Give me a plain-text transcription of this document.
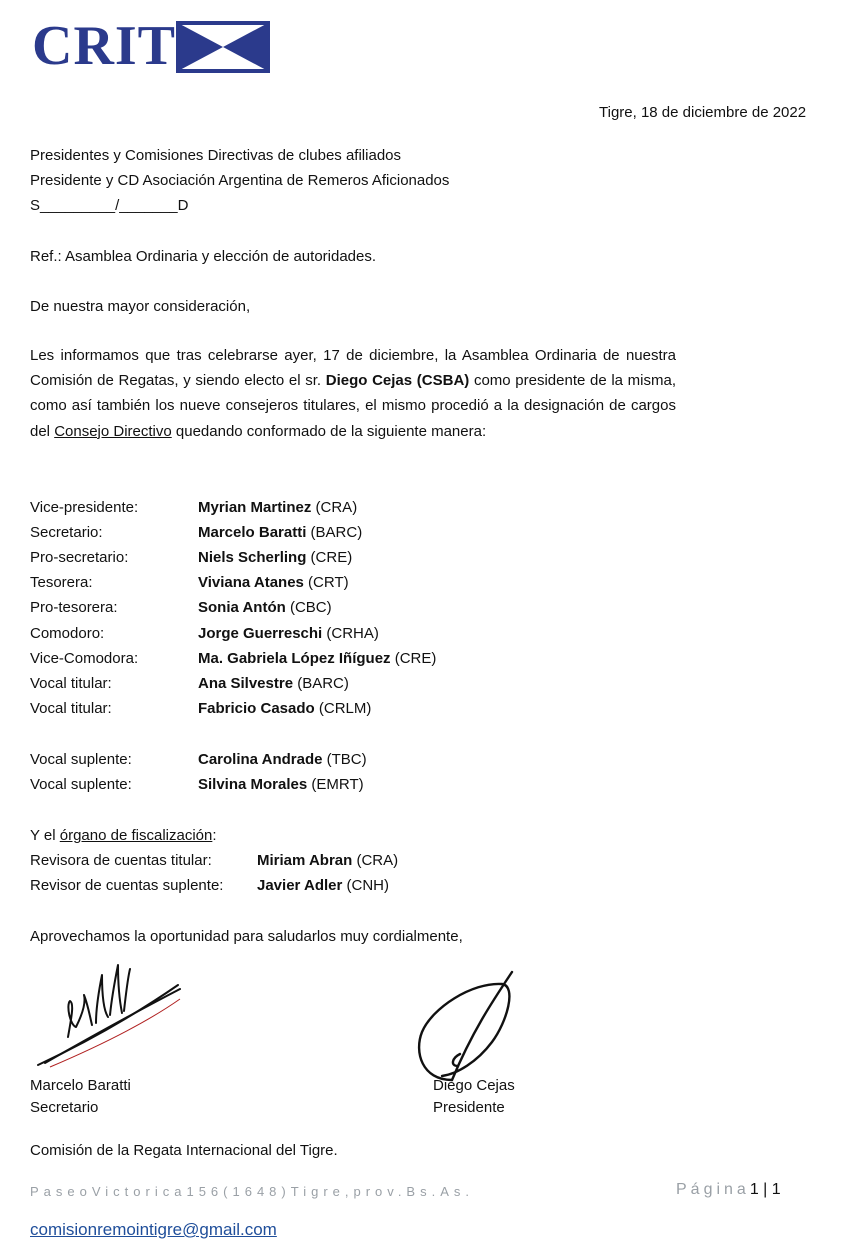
CRIT
Tigre, 18 de diciembre de 2022
Presidentes y Comisiones Directivas de clubes afiliados
Presidente y CD Asociación Argentina de Remeros Aficionados
S_________/_______D
Ref.: Asamblea Ordinaria y elección de autoridades.
De nuestra mayor consideración,
Les informamos que tras celebrarse ayer, 17 de diciembre, la Asamblea Ordinaria de nuestra Comisión de Regatas, y siendo electo el sr. Diego Cejas (CSBA) como presidente de la misma, como así también los nueve consejeros titulares, el mismo procedió a la designación de cargos del Consejo Directivo quedando conformado de la siguiente manera:
Vice-presidente:	Myrian Martinez (CRA)
Secretario:	Marcelo Baratti (BARC)
Pro-secretario:	Niels Scherling (CRE)
Tesorera:	Viviana Atanes (CRT)
Pro-tesorera:	Sonia Antón (CBC)
Comodoro:	Jorge Guerreschi (CRHA)
Vice-Comodora:	Ma. Gabriela López Iñíguez (CRE)
Vocal titular:	Ana Silvestre (BARC)
Vocal titular:	Fabricio Casado (CRLM)
Vocal suplente:	Carolina Andrade (TBC)
Vocal suplente:	Silvina Morales (EMRT)
Y el órgano de fiscalización:
Revisora de cuentas titular:	Miriam Abran (CRA)
Revisor de cuentas suplente: Javier Adler (CNH)
Aprovechamos la oportunidad para saludarlos muy cordialmente,
Marcelo Baratti
Secretario
Diego Cejas
Presidente
Comisión de la Regata Internacional del Tigre.
PaseoVictorica156(1648)Tigre,prov.Bs.As.	Página1 | 1
comisionremointigre@gmail.com
